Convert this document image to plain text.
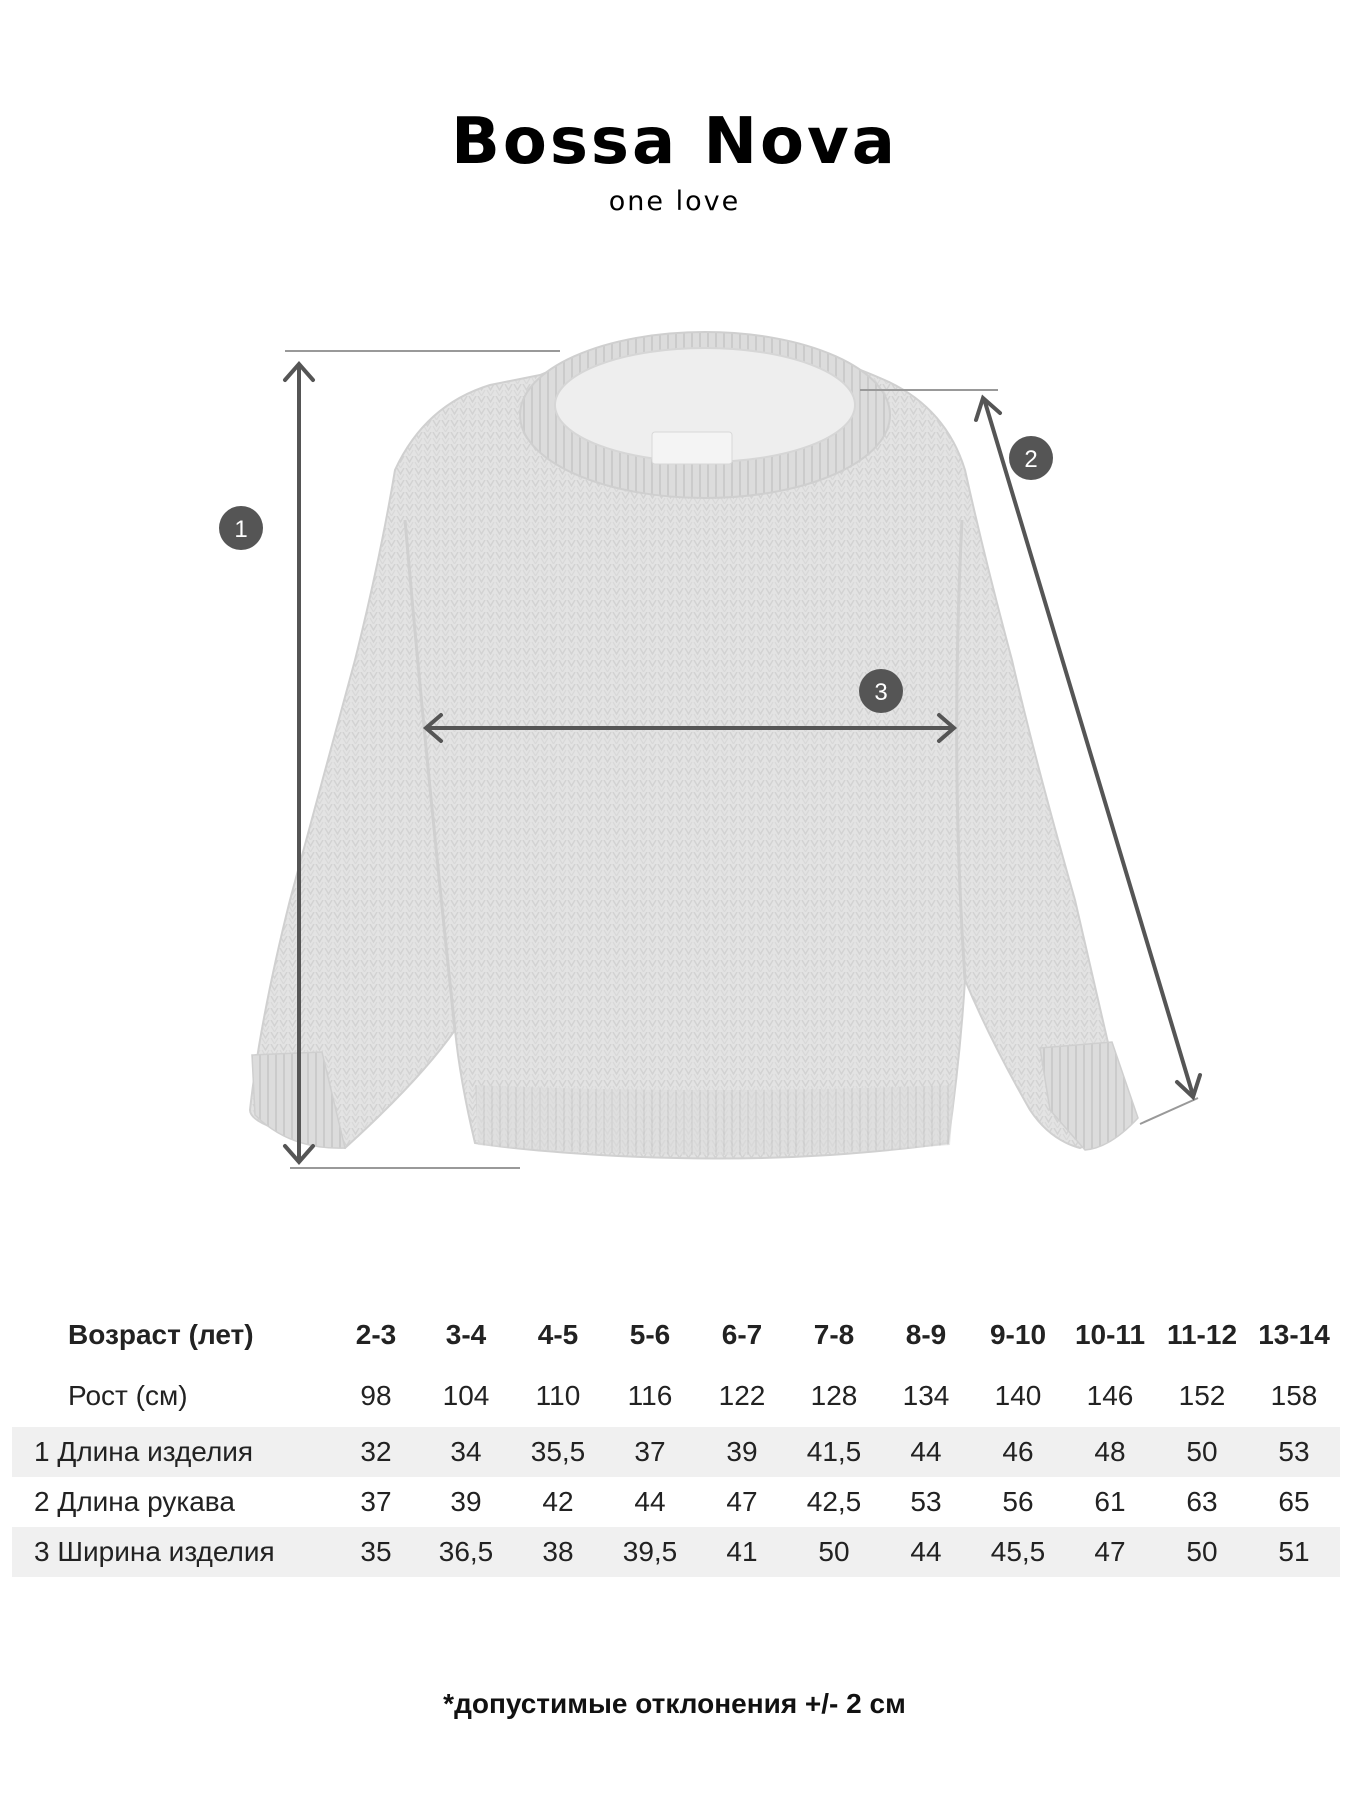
Bossa Nova
one love
1
2
3
Возраст (лет)	2-3	3-4	4-5	5-6	6-7	7-8	8-9	9-10	10-11	11-12	13-14
Рост (см)	98	104	110	116	122	128	134	140	146	152	158
1 Длина изделия	32	34	35,5	37	39	41,5	44	46	48	50	53
2 Длина рукава	37	39	42	44	47	42,5	53	56	61	63	65
3 Ширина изделия	35	36,5	38	39,5	41	50	44	45,5	47	50	51
*допустимые отклонения +/- 2 см
